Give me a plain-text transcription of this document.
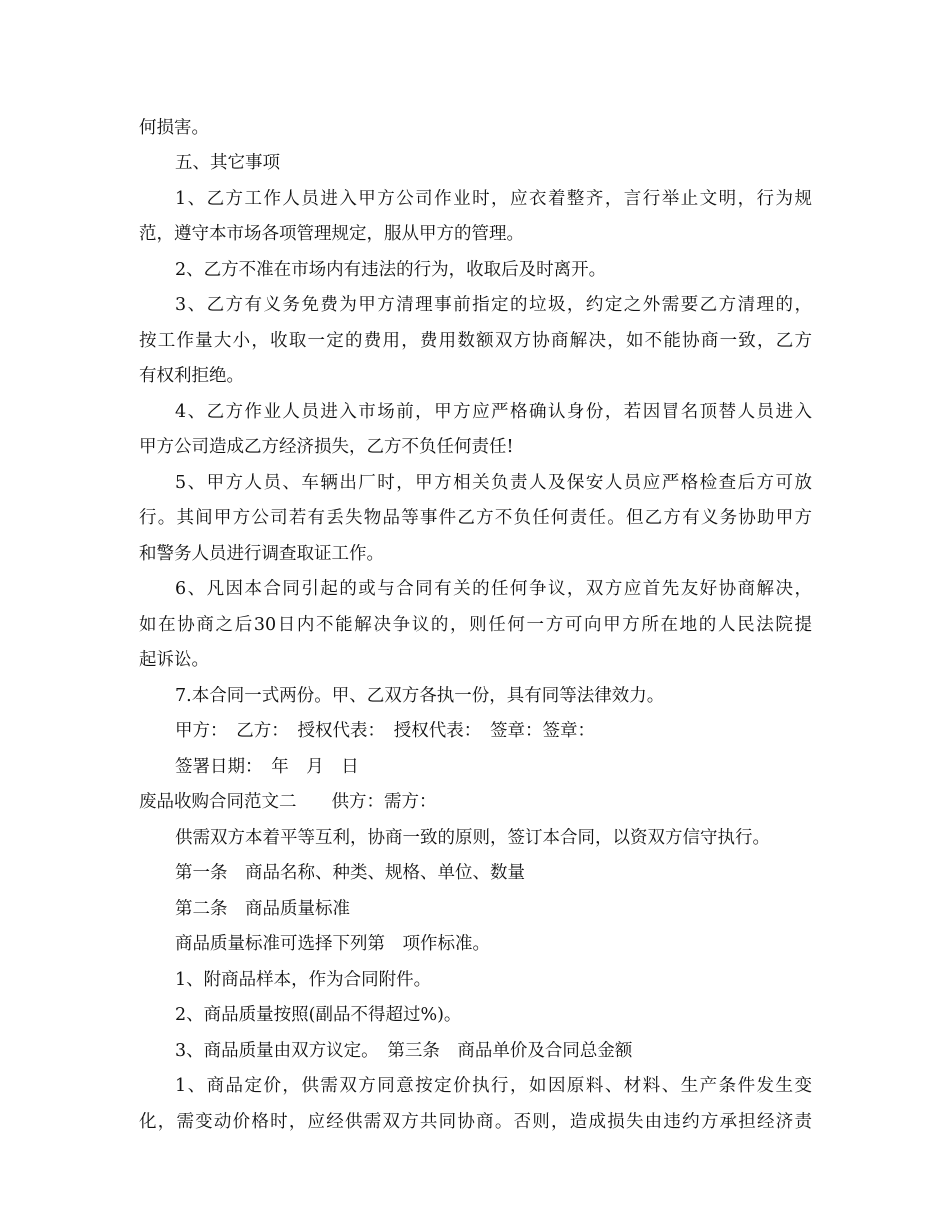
何损害。
五、其它事项
1、乙方工作人员进入甲方公司作业时，应衣着整齐，言行举止文明，行为规
范，遵守本市场各项管理规定，服从甲方的管理。
2、乙方不准在市场内有违法的行为，收取后及时离开。
3、乙方有义务免费为甲方清理事前指定的垃圾，约定之外需要乙方清理的，
按工作量大小，收取一定的费用，费用数额双方协商解决，如不能协商一致，乙方
有权利拒绝。
4、乙方作业人员进入市场前，甲方应严格确认身份，若因冒名顶替人员进入
甲方公司造成乙方经济损失，乙方不负任何责任!
5、甲方人员、车辆出厂时，甲方相关负责人及保安人员应严格检查后方可放
行。其间甲方公司若有丢失物品等事件乙方不负任何责任。但乙方有义务协助甲方
和警务人员进行调查取证工作。
6、凡因本合同引起的或与合同有关的任何争议，双方应首先友好协商解决，
如在协商之后30日内不能解决争议的，则任何一方可向甲方所在地的人民法院提
起诉讼。
7.本合同一式两份。甲、乙双方各执一份，具有同等法律效力。
甲方：　乙方：　授权代表：　授权代表：　签章：签章：
签署日期：　年　月　日
废品收购合同范文二　　供方：需方：
供需双方本着平等互利，协商一致的原则，签订本合同，以资双方信守执行。
第一条　商品名称、种类、规格、单位、数量
第二条　商品质量标准
商品质量标准可选择下列第　项作标准。
1、附商品样本，作为合同附件。
2、商品质量按照(副品不得超过%)。
3、商品质量由双方议定。　第三条　商品单价及合同总金额
1、商品定价，供需双方同意按定价执行，如因原料、材料、生产条件发生变
化，需变动价格时，应经供需双方共同协商。否则，造成损失由违约方承担经济责
